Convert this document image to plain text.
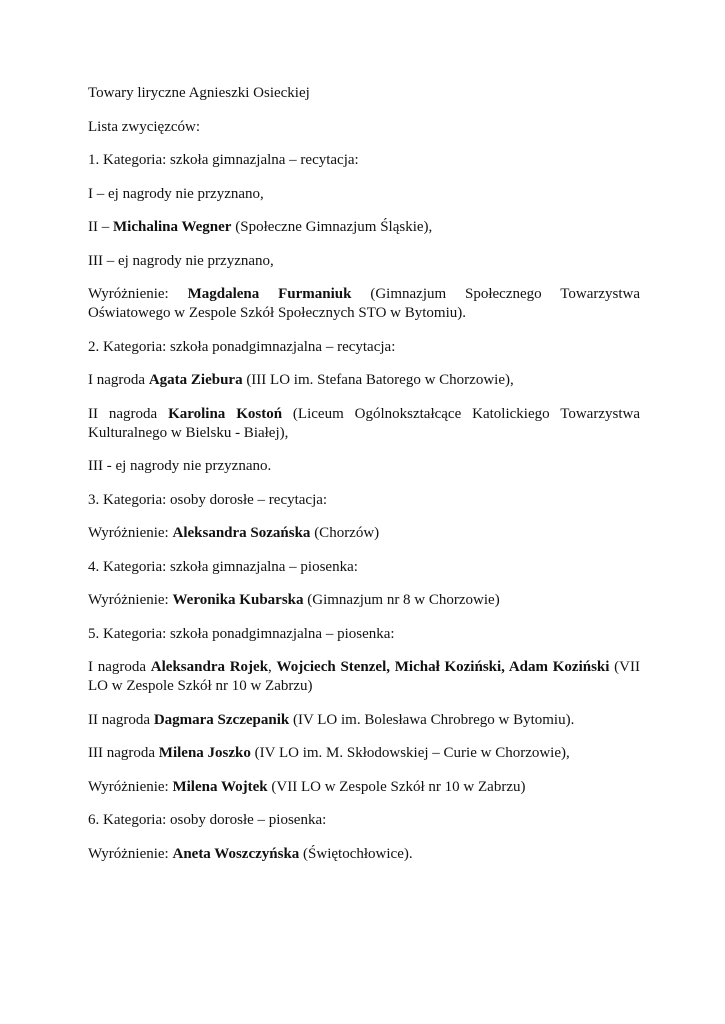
Towary liryczne Agnieszki Osieckiej

Lista zwycięzców:

1. Kategoria: szkoła gimnazjalna – recytacja:

I – ej nagrody nie przyznano,

II – Michalina Wegner (Społeczne Gimnazjum Śląskie),

III – ej nagrody nie przyznano,

Wyróżnienie: Magdalena Furmaniuk (Gimnazjum Społecznego Towarzystwa Oświatowego w Zespole Szkół Społecznych STO w Bytomiu).

2. Kategoria: szkoła ponadgimnazjalna – recytacja:

I nagroda Agata Ziebura (III LO im. Stefana Batorego w Chorzowie),

II nagroda Karolina Kostoń (Liceum Ogólnokształcące Katolickiego Towarzystwa Kulturalnego w Bielsku - Białej),

III - ej nagrody nie przyznano.

3. Kategoria: osoby dorosłe – recytacja:

Wyróżnienie: Aleksandra Sozańska (Chorzów)

4. Kategoria: szkoła gimnazjalna – piosenka:

Wyróżnienie: Weronika Kubarska (Gimnazjum nr 8 w Chorzowie)

5. Kategoria: szkoła ponadgimnazjalna – piosenka:

I nagroda Aleksandra Rojek, Wojciech Stenzel, Michał Koziński, Adam Koziński (VII LO w Zespole Szkół nr 10 w Zabrzu)

II nagroda Dagmara Szczepanik (IV LO im. Bolesława Chrobrego w Bytomiu).

III nagroda Milena Joszko (IV LO im. M. Skłodowskiej – Curie w Chorzowie),

Wyróżnienie: Milena Wojtek (VII LO w Zespole Szkół nr 10 w Zabrzu)

6. Kategoria: osoby dorosłe – piosenka:

Wyróżnienie: Aneta Woszczyńska (Świętochłowice).
